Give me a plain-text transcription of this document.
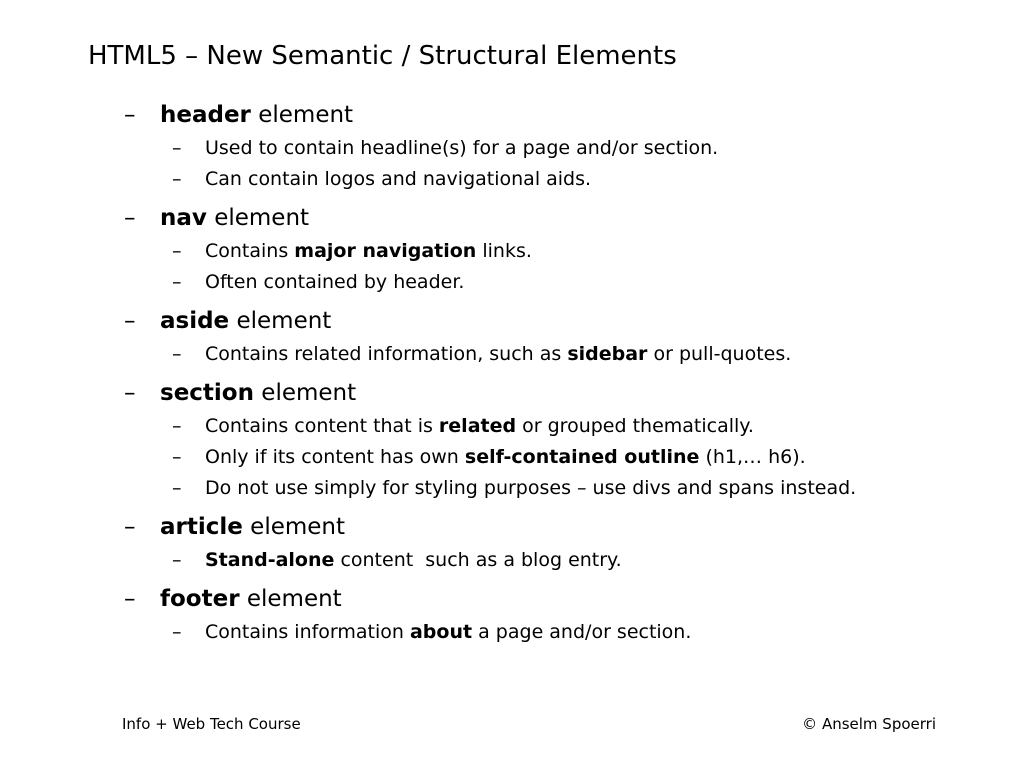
HTML5 – New Semantic / Structural Elements
–	header element
–	Used to contain headline(s) for a page and/or section.
–	Can contain logos and navigational aids.
–	nav element
–	Contains major navigation links.
–	Often contained by header.
–	aside element
–	Contains related information, such as sidebar or pull-quotes.
–	section element
–	Contains content that is related or grouped thematically.
–	Only if its content has own self-contained outline (h1,… h6).
–	Do not use simply for styling purposes – use divs and spans instead.
–	article element
–	Stand-alone content  such as a blog entry.
–	footer element
–	Contains information about a page and/or section.
Info + Web Tech Course	© Anselm Spoerri
